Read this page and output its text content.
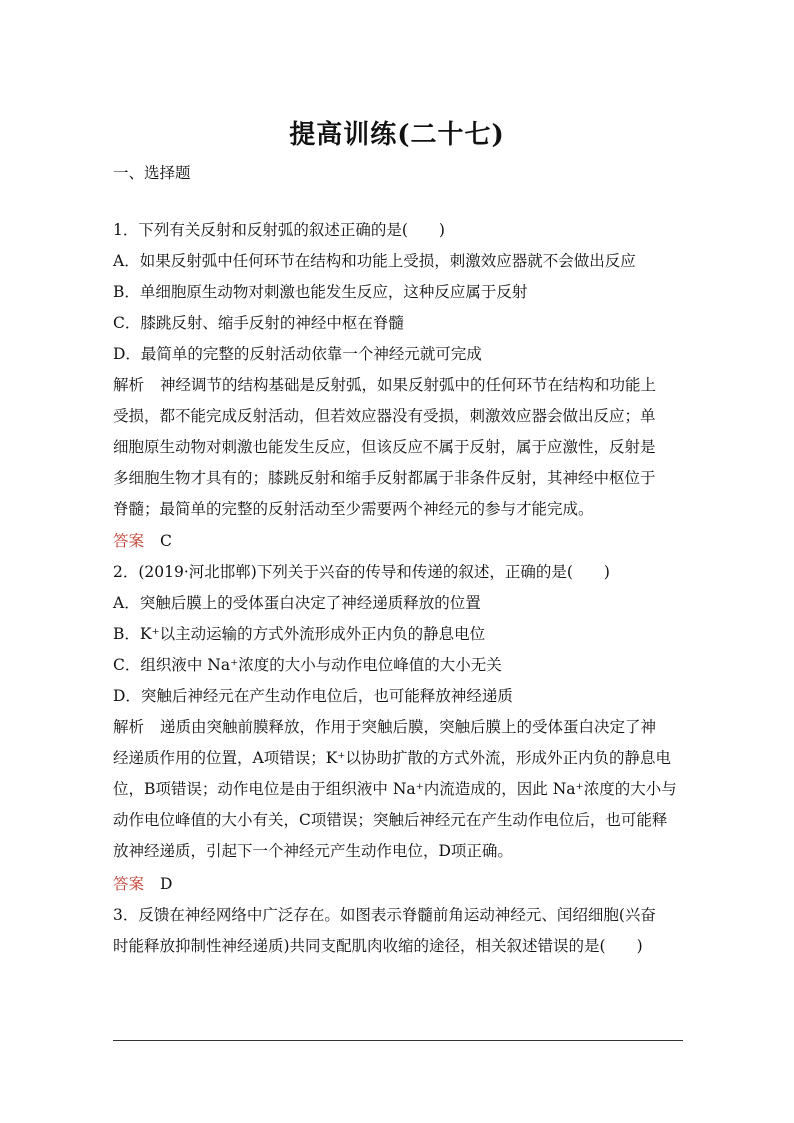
提高训练(二十七)
一、选择题
1．下列有关反射和反射弧的叙述正确的是(　　)
A．如果反射弧中任何环节在结构和功能上受损，刺激效应器就不会做出反应
B．单细胞原生动物对刺激也能发生反应，这种反应属于反射
C．膝跳反射、缩手反射的神经中枢在脊髓
D．最简单的完整的反射活动依靠一个神经元就可完成
解析 神经调节的结构基础是反射弧，如果反射弧中的任何环节在结构和功能上
受损，都不能完成反射活动，但若效应器没有受损，刺激效应器会做出反应；单
细胞原生动物对刺激也能发生反应，但该反应不属于反射，属于应激性，反射是
多细胞生物才具有的；膝跳反射和缩手反射都属于非条件反射，其神经中枢位于
脊髓；最简单的完整的反射活动至少需要两个神经元的参与才能完成。
答案 C
2．(2019·河北邯郸)下列关于兴奋的传导和传递的叙述，正确的是(　　)
A．突触后膜上的受体蛋白决定了神经递质释放的位置
B．K⁺以主动运输的方式外流形成外正内负的静息电位
C．组织液中 Na⁺浓度的大小与动作电位峰值的大小无关
D．突触后神经元在产生动作电位后，也可能释放神经递质
解析 递质由突触前膜释放，作用于突触后膜，突触后膜上的受体蛋白决定了神
经递质作用的位置，A项错误；K⁺以协助扩散的方式外流，形成外正内负的静息电
位，B项错误；动作电位是由于组织液中 Na⁺内流造成的，因此 Na⁺浓度的大小与
动作电位峰值的大小有关，C项错误；突触后神经元在产生动作电位后，也可能释
放神经递质，引起下一个神经元产生动作电位，D项正确。
答案 D
3．反馈在神经网络中广泛存在。如图表示脊髓前角运动神经元、闰绍细胞(兴奋
时能释放抑制性神经递质)共同支配肌肉收缩的途径，相关叙述错误的是(　　)
